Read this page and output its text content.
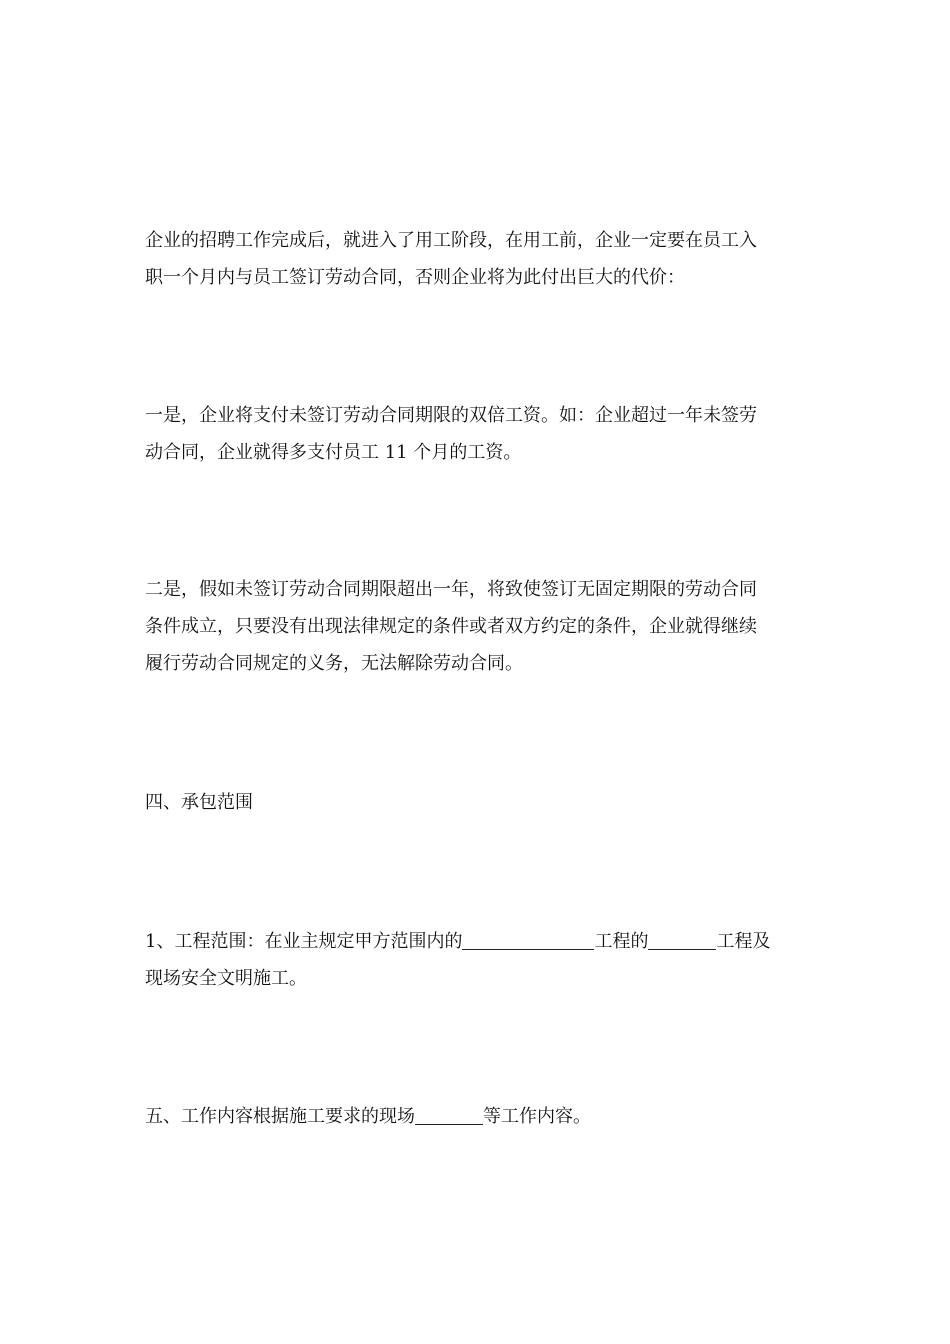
企业的招聘工作完成后，就进入了用工阶段，在用工前，企业一定要在员工入
职一个月内与员工签订劳动合同，否则企业将为此付出巨大的代价：

一是，企业将支付未签订劳动合同期限的双倍工资。如：企业超过一年未签劳
动合同，企业就得多支付员工 11 个月的工资。

二是，假如未签订劳动合同期限超出一年，将致使签订无固定期限的劳动合同
条件成立，只要没有出现法律规定的条件或者双方约定的条件，企业就得继续
履行劳动合同规定的义务，无法解除劳动合同。

四、承包范围

1、工程范围：在业主规定甲方范围内的	工程的	工程及
现场安全文明施工。

五、工作内容根据施工要求的现场	等工作内容。
